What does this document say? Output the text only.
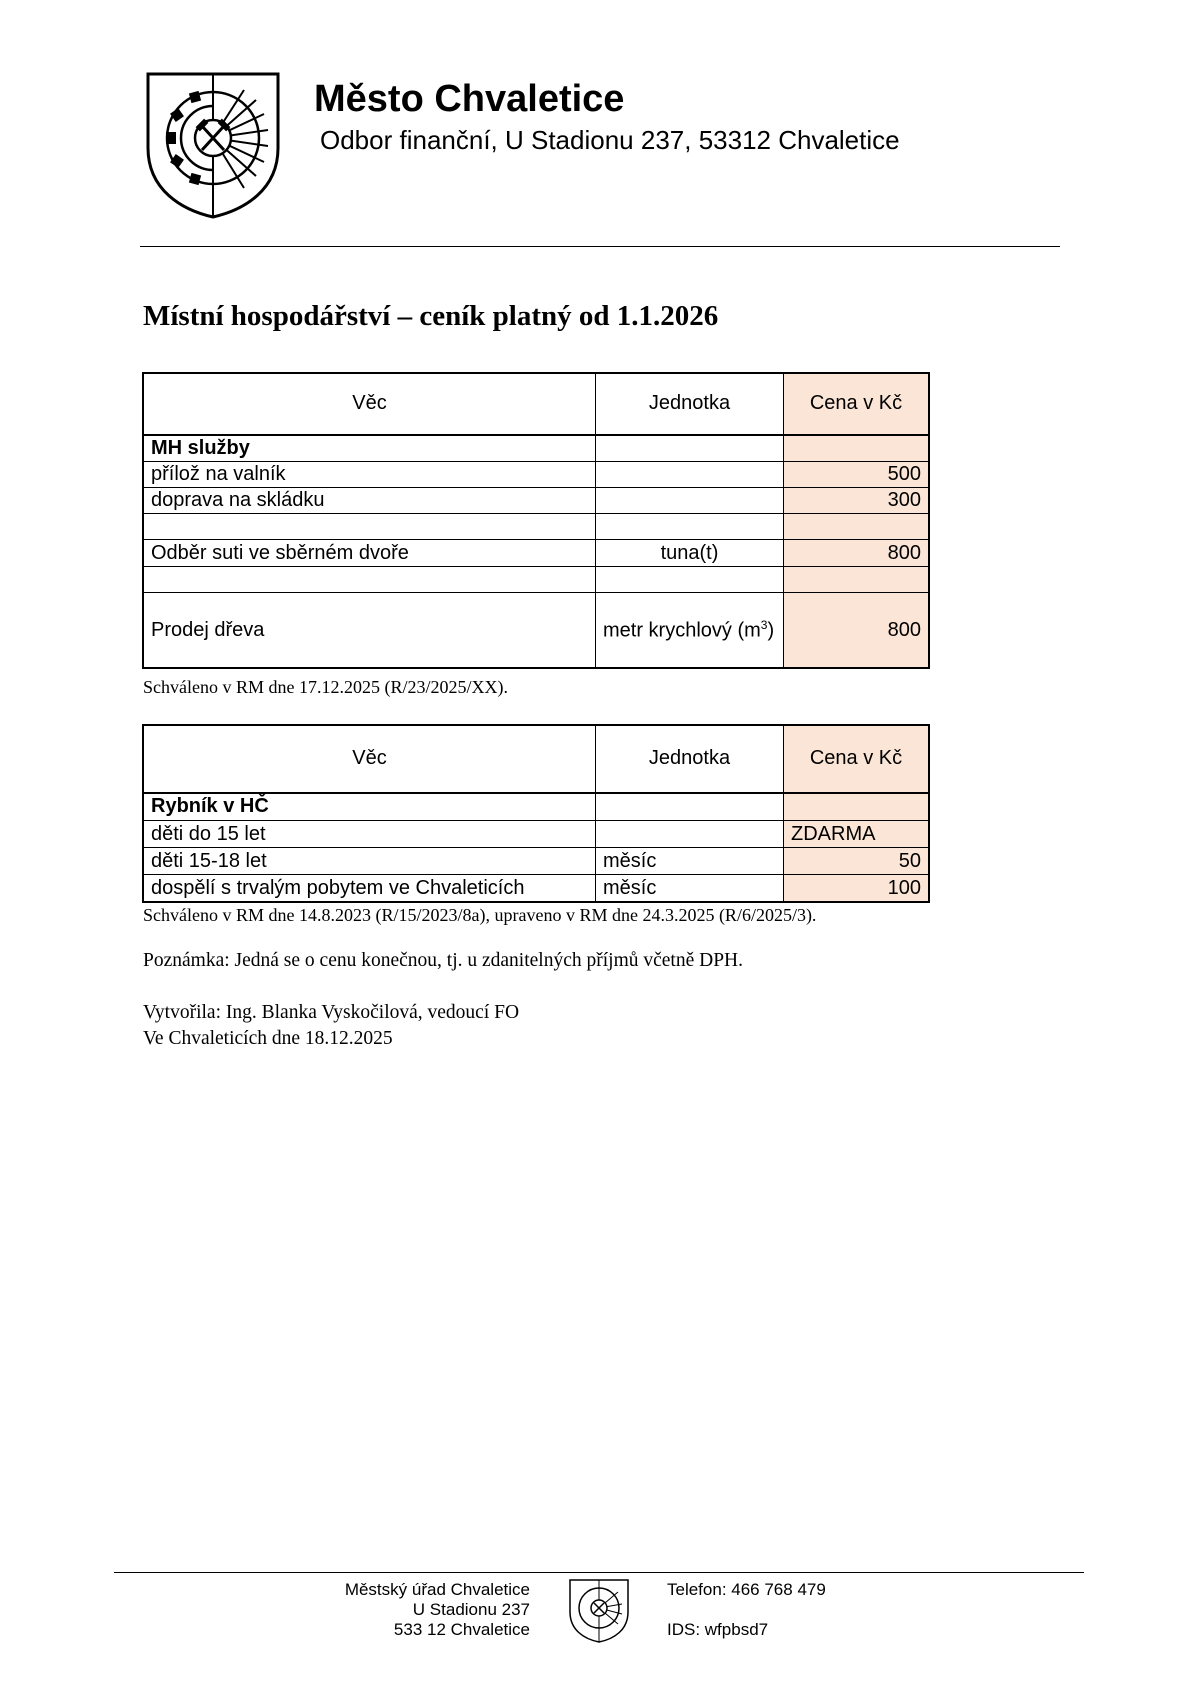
Město Chvaletice
Odbor finanční, U Stadionu 237, 53312 Chvaletice
Místní hospodářství – ceník platný od 1.1.2026
Věc	Jednotka	Cena v Kč
MH služby		
přílož na valník		500
doprava na skládku		300

Odběr suti ve sběrném dvoře	tuna(t)	800

Prodej dřeva	metr krychlový $(m^3)$	800
Schváleno v RM dne 17.12.2025 (R/23/2025/XX).
Věc	Jednotka	Cena v Kč
Rybník v HČ		
děti do 15 let		ZDARMA
děti 15-18 let	měsíc	50
dospělí s trvalým pobytem ve Chvaleticích	měsíc	100
Schváleno v RM dne 14.8.2023 (R/15/2023/8a), upraveno v RM dne 24.3.2025 (R/6/2025/3).
Poznámka: Jedná se o cenu konečnou, tj. u zdanitelných příjmů včetně DPH.
Vytvořila: Ing. Blanka Vyskočilová, vedoucí FO
Ve Chvaleticích dne 18.12.2025
Městský úřad Chvaletice
U Stadionu 237
533 12 Chvaletice
Telefon: 466 768 479
IDS: wfpbsd7
